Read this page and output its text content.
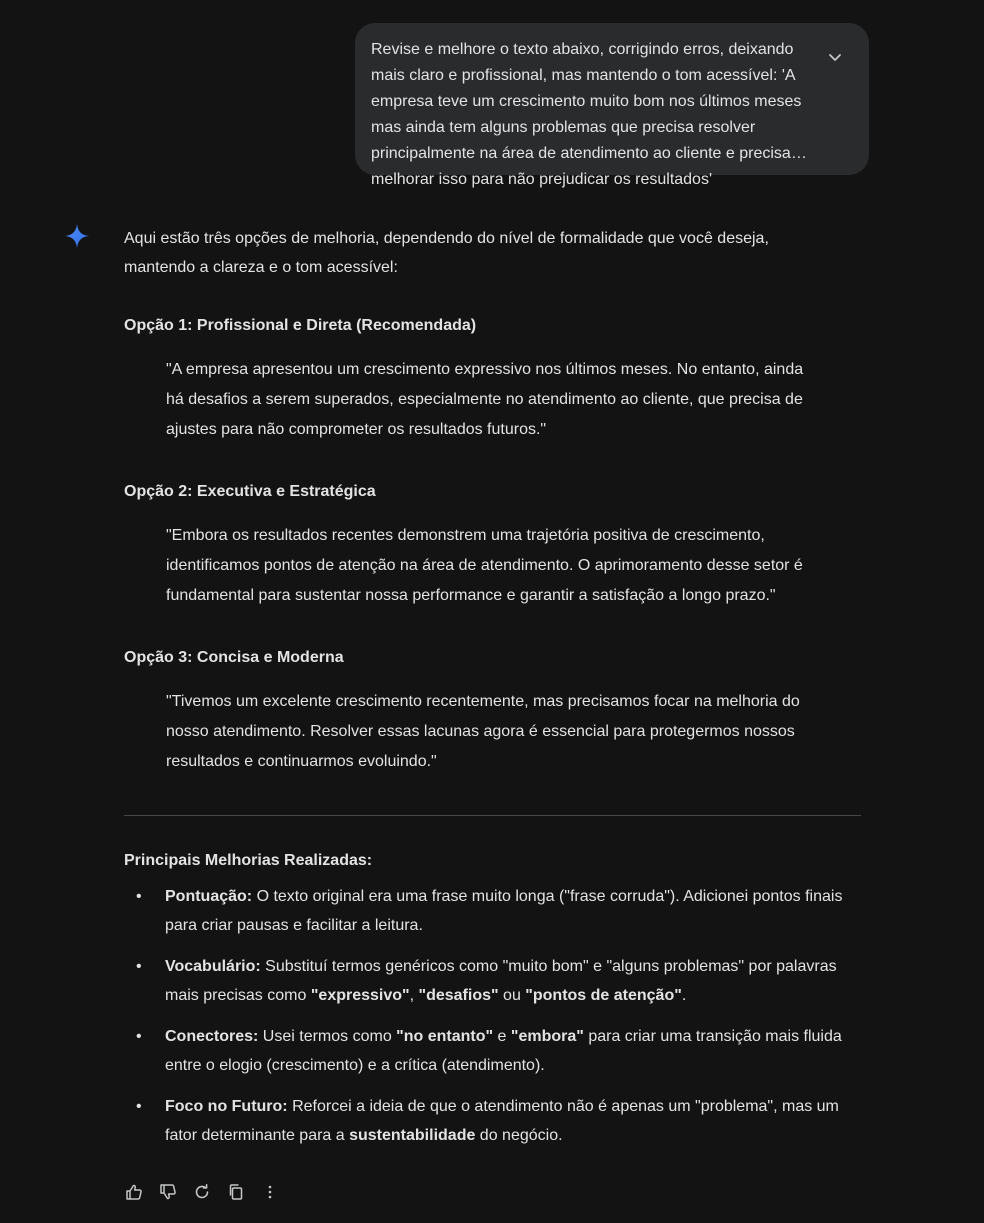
Revise e melhore o texto abaixo, corrigindo erros, deixando mais claro e profissional, mas mantendo o tom acessível: 'A empresa teve um crescimento muito bom nos últimos meses mas ainda tem alguns problemas que precisa resolver principalmente na área de atendimento ao cliente e precisa melhorar isso para não prejudicar os resultados'

Aqui estão três opções de melhoria, dependendo do nível de formalidade que você deseja, mantendo a clareza e o tom acessível:

Opção 1: Profissional e Direta (Recomendada)

"A empresa apresentou um crescimento expressivo nos últimos meses. No entanto, ainda há desafios a serem superados, especialmente no atendimento ao cliente, que precisa de ajustes para não comprometer os resultados futuros."

Opção 2: Executiva e Estratégica

"Embora os resultados recentes demonstrem uma trajetória positiva de crescimento, identificamos pontos de atenção na área de atendimento. O aprimoramento desse setor é fundamental para sustentar nossa performance e garantir a satisfação a longo prazo."

Opção 3: Concisa e Moderna

"Tivemos um excelente crescimento recentemente, mas precisamos focar na melhoria do nosso atendimento. Resolver essas lacunas agora é essencial para protegermos nossos resultados e continuarmos evoluindo."

Principais Melhorias Realizadas:

• Pontuação: O texto original era uma frase muito longa ("frase corruda"). Adicionei pontos finais para criar pausas e facilitar a leitura.
• Vocabulário: Substituí termos genéricos como "muito bom" e "alguns problemas" por palavras mais precisas como "expressivo", "desafios" ou "pontos de atenção".
• Conectores: Usei termos como "no entanto" e "embora" para criar uma transição mais fluida entre o elogio (crescimento) e a crítica (atendimento).
• Foco no Futuro: Reforcei a ideia de que o atendimento não é apenas um "problema", mas um fator determinante para a sustentabilidade do negócio.
